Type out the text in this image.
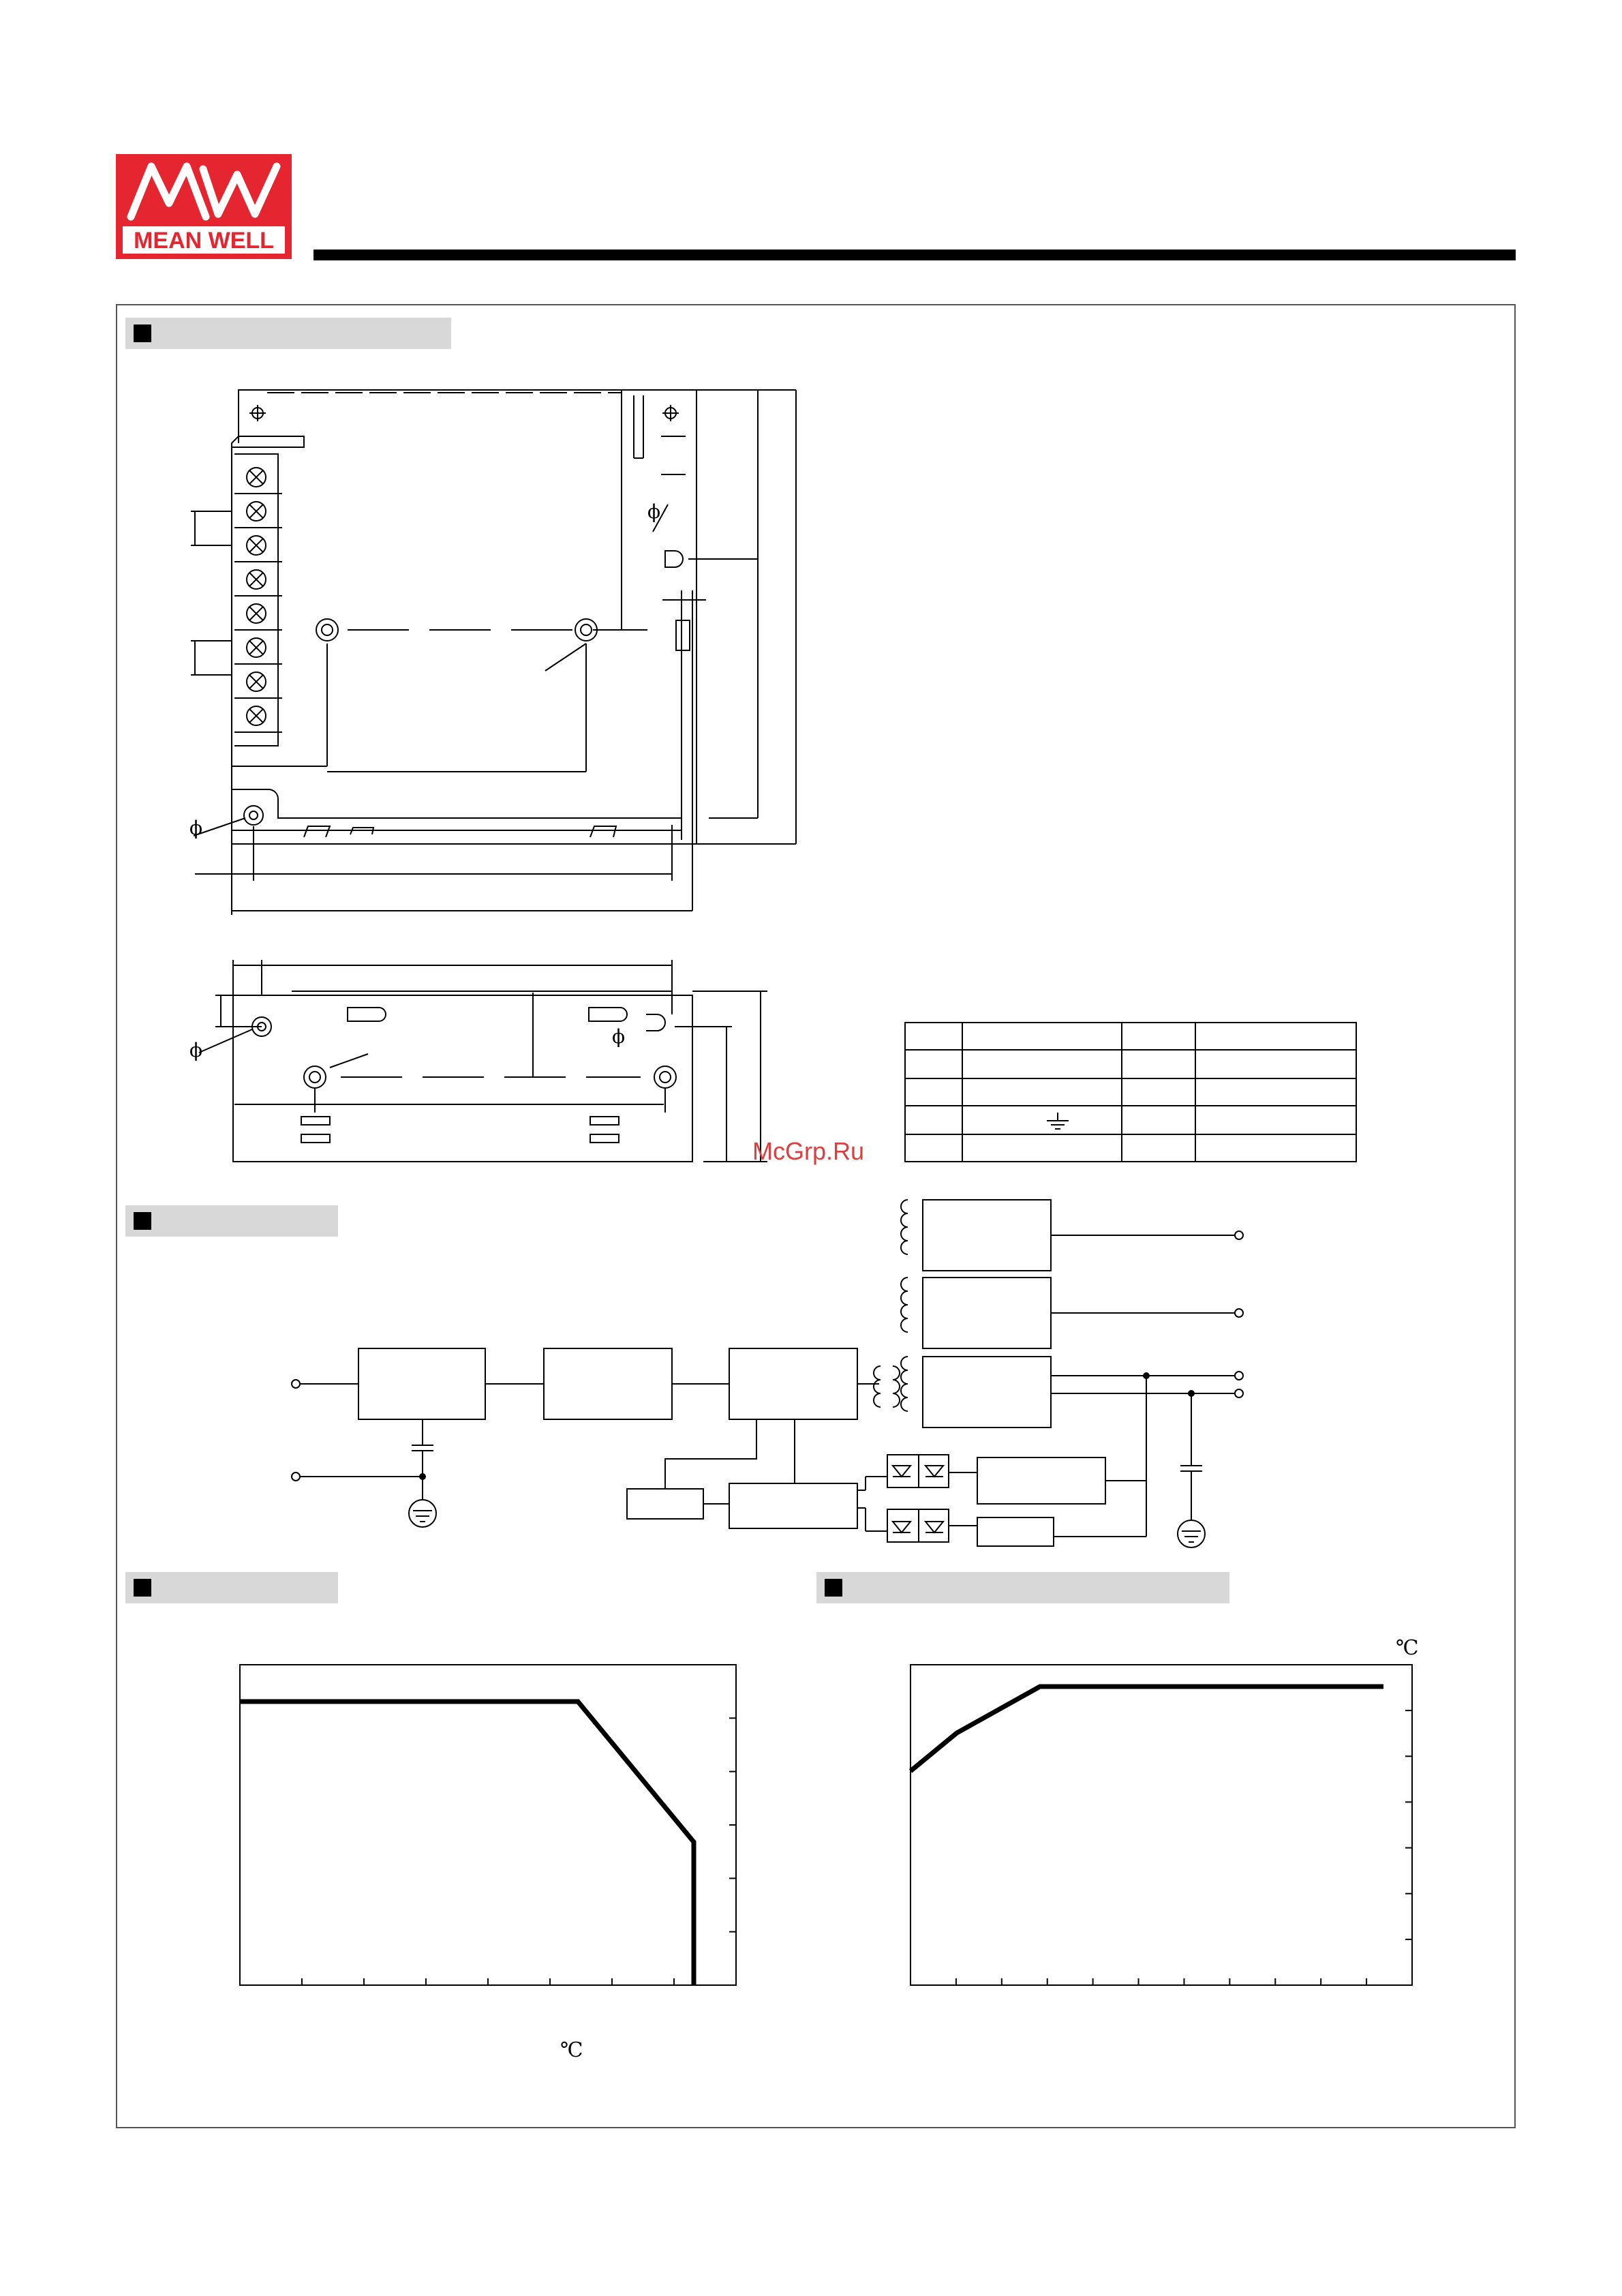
MEAN WELL
ϕ
ϕ
ϕ
ϕ
McGrp.Ru
℃
℃
